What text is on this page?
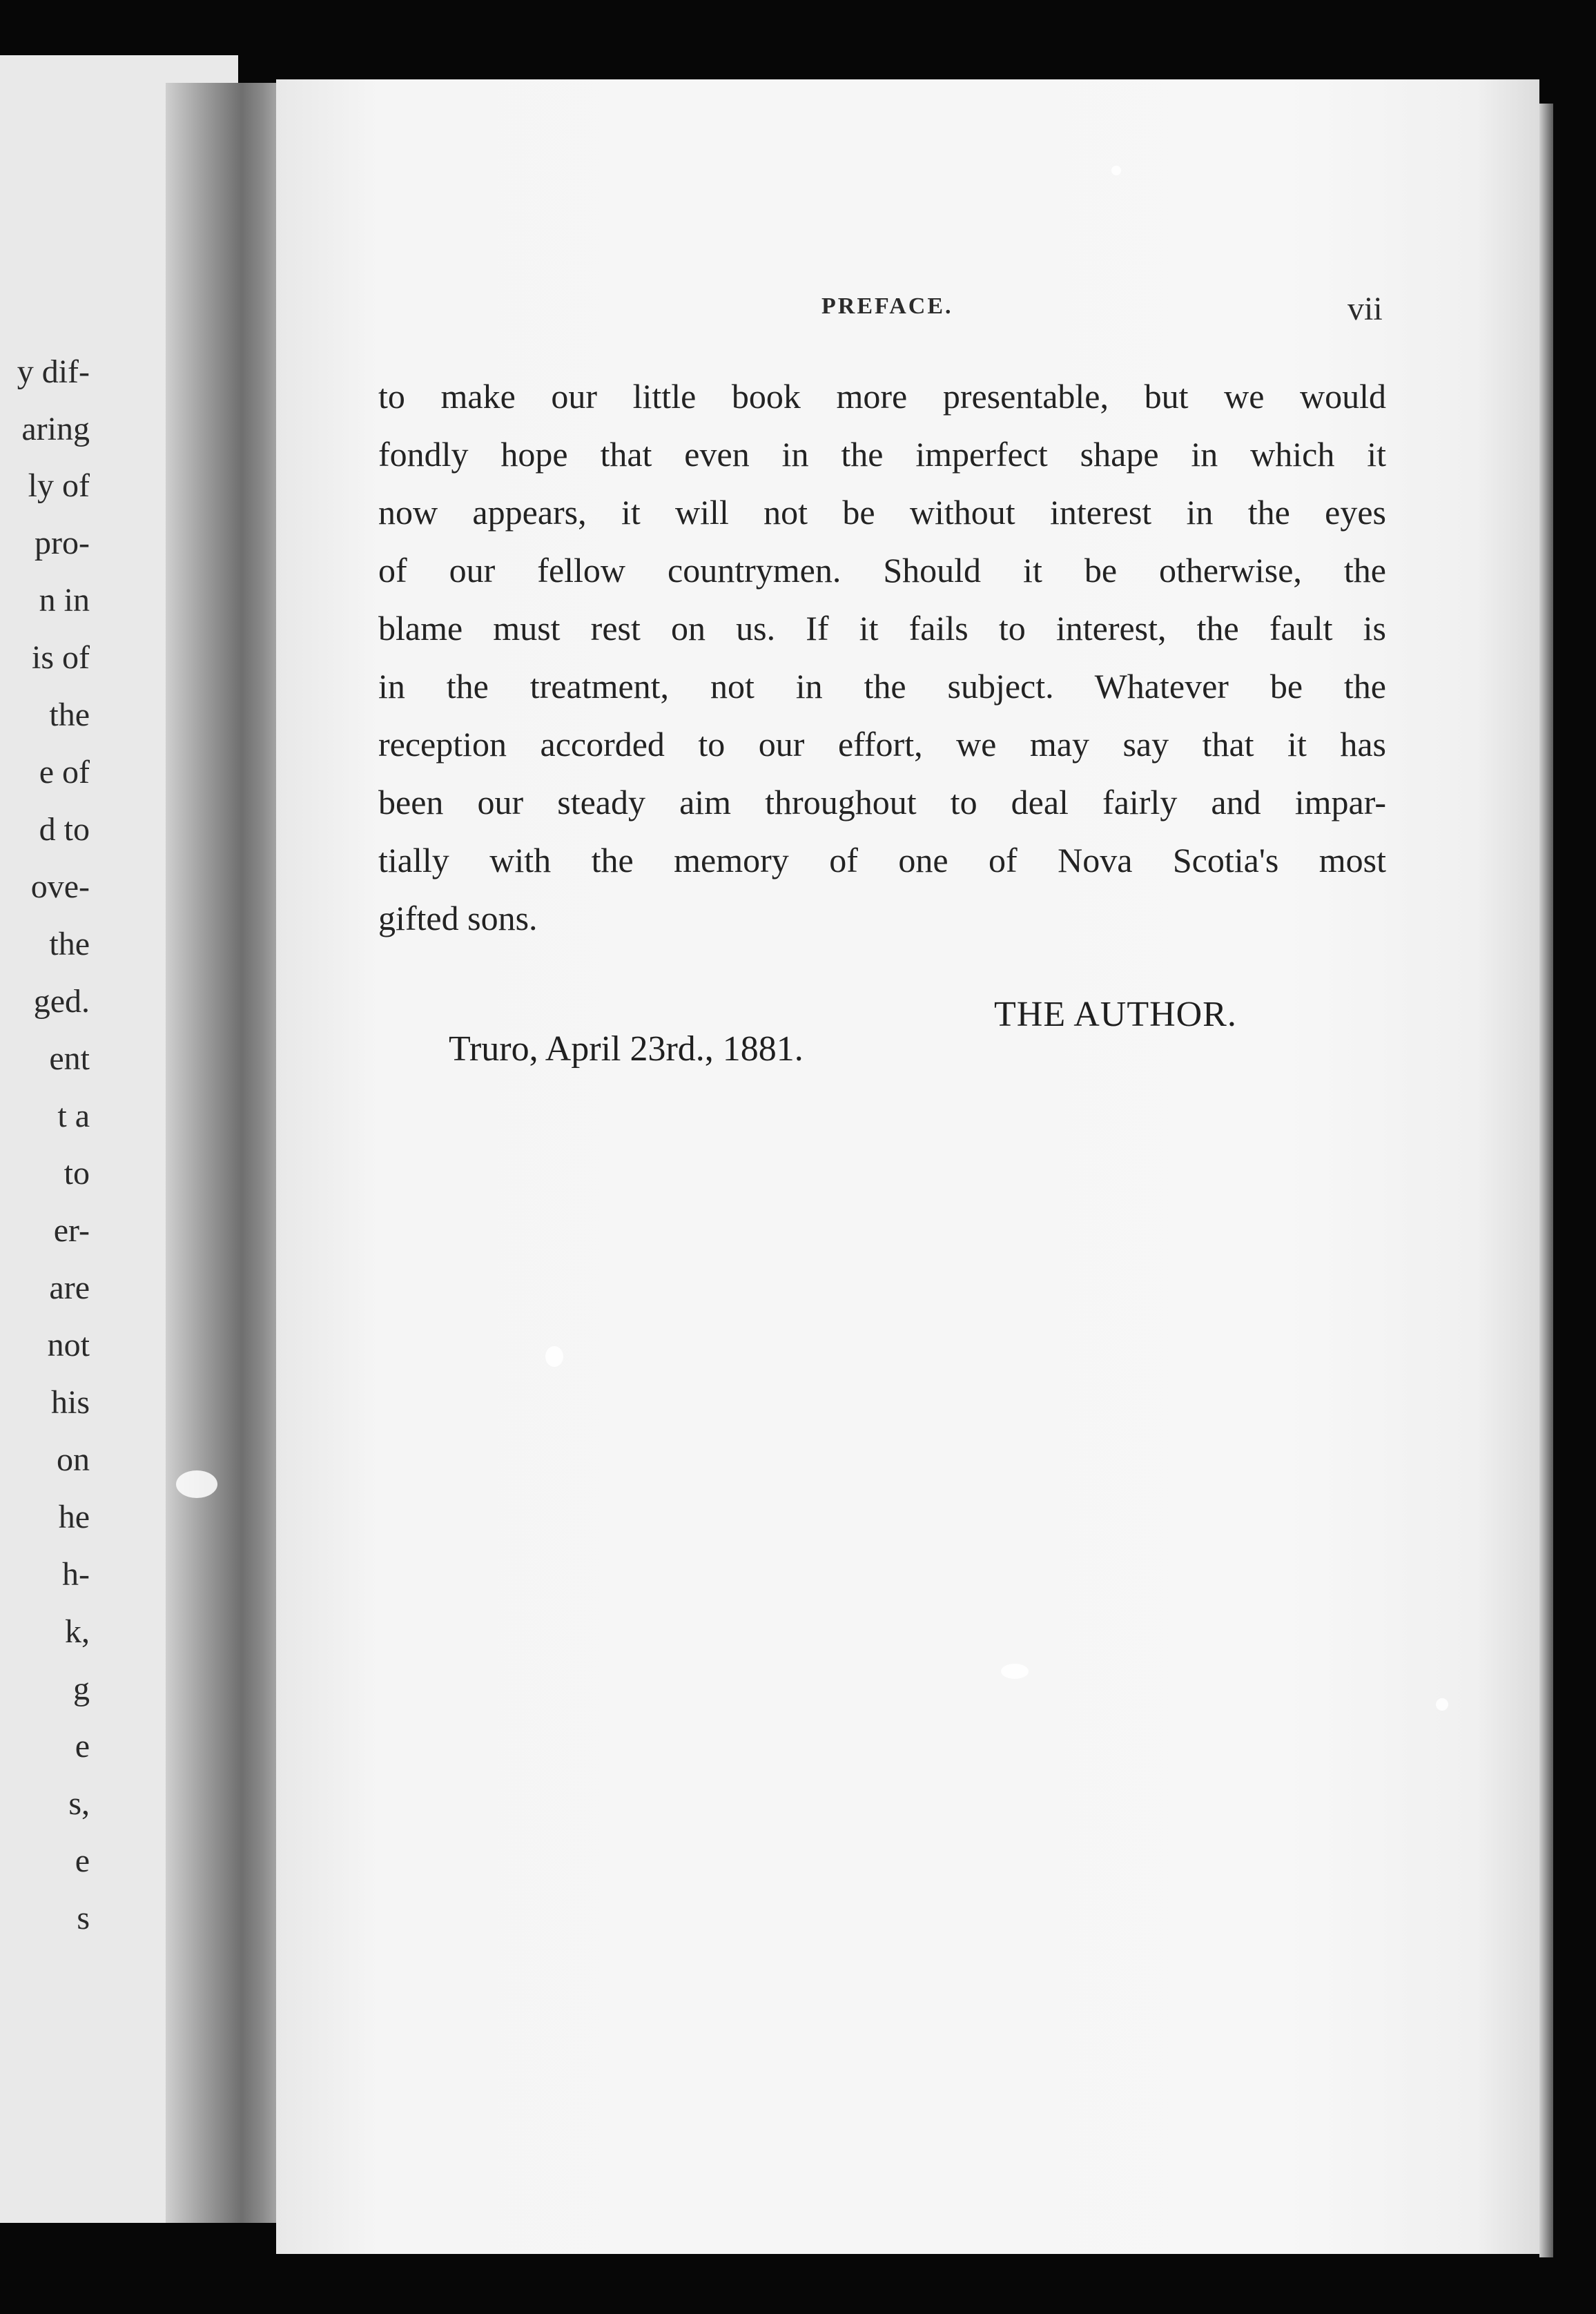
y dif-
aring
ly of
pro-
n in
is of
the
e of
d to
ove-
the
ged.
ent
t a
to
er-
are
not
his
on
he
h-
k,
g
e
s,
e
s
PREFACE.	vii
to make our little book more presentable, but we would
fondly hope that even in the imperfect shape in which it
now appears, it will not be without interest in the eyes
of our fellow countrymen. Should it be otherwise, the
blame must rest on us. If it fails to interest, the fault is
in the treatment, not in the subject. Whatever be the
reception accorded to our effort, we may say that it has
been our steady aim throughout to deal fairly and impar-
tially with the memory of one of Nova Scotia's most
gifted sons.
THE AUTHOR.
Truro, April 23rd., 1881.
